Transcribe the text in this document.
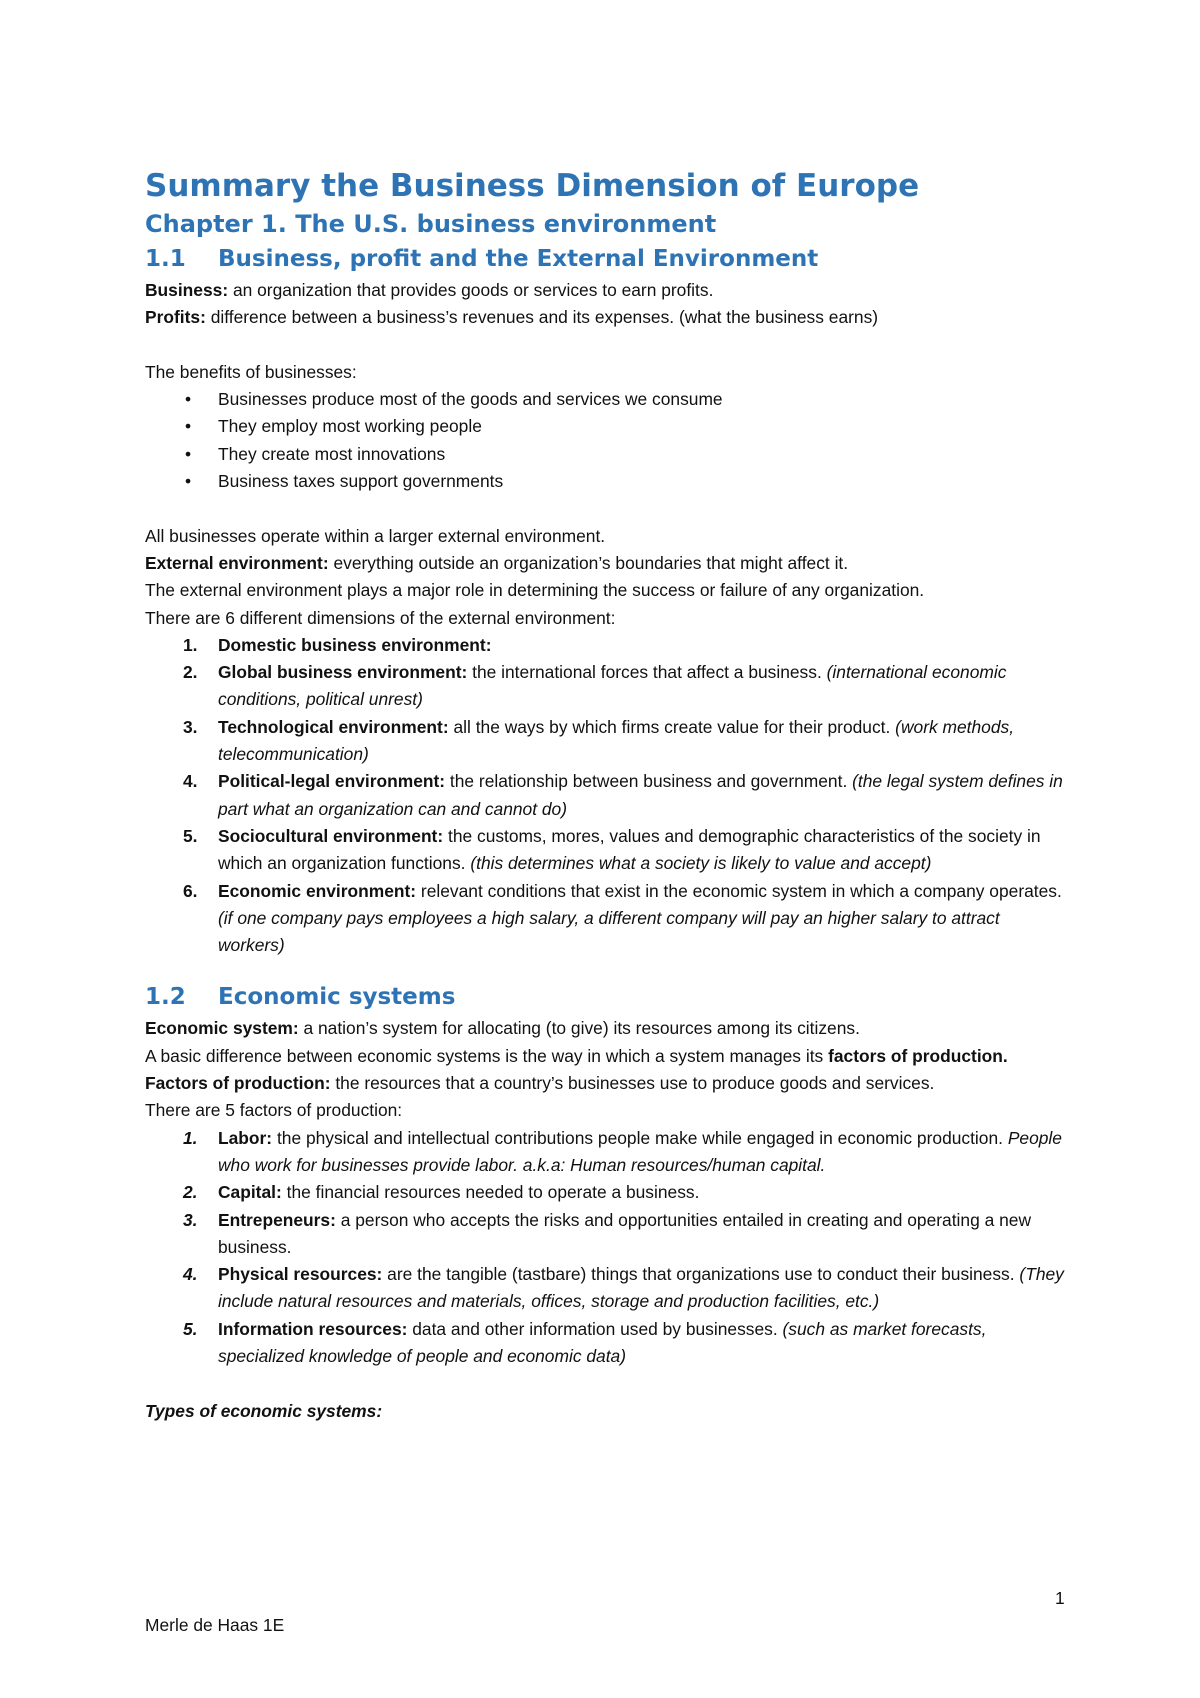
Summary the Business Dimension of Europe
Chapter 1. The U.S. business environment
1.1	Business, profit and the External Environment

Business: an organization that provides goods or services to earn profits.

Profits: difference between a business’s revenues and its expenses. (what the business earns)

The benefits of businesses:

• Businesses produce most of the goods and services we consume
• They employ most working people
• They create most innovations
• Business taxes support governments

All businesses operate within a larger external environment.

External environment: everything outside an organization’s boundaries that might affect it.

The external environment plays a major role in determining the success or failure of any organization.

There are 6 different dimensions of the external environment:

1. Domestic business environment:
2. Global business environment: the international forces that affect a business. (international economic conditions, political unrest)
3. Technological environment: all the ways by which firms create value for their product. (work methods, telecommunication)
4. Political-legal environment: the relationship between business and government. (the legal system defines in part what an organization can and cannot do)
5. Sociocultural environment: the customs, mores, values and demographic characteristics of the society in which an organization functions. (this determines what a society is likely to value and accept)
6. Economic environment: relevant conditions that exist in the economic system in which a company operates. (if one company pays employees a high salary, a different company will pay an higher salary to attract workers)
1.2	Economic systems

Economic system: a nation’s system for allocating (to give) its resources among its citizens.

A basic difference between economic systems is the way in which a system manages its factors of production.

Factors of production: the resources that a country’s businesses use to produce goods and services.

There are 5 factors of production:

1. Labor: the physical and intellectual contributions people make while engaged in economic production. People who work for businesses provide labor. a.k.a: Human resources/human capital.
2. Capital: the financial resources needed to operate a business.
3. Entrepeneurs: a person who accepts the risks and opportunities entailed in creating and operating a new business.
4. Physical resources: are the tangible (tastbare) things that organizations use to conduct their business. (They include natural resources and materials, offices, storage and production facilities, etc.)
5. Information resources: data and other information used by businesses. (such as market forecasts, specialized knowledge of people and economic data)

Types of economic systems:

1
Merle de Haas 1E
